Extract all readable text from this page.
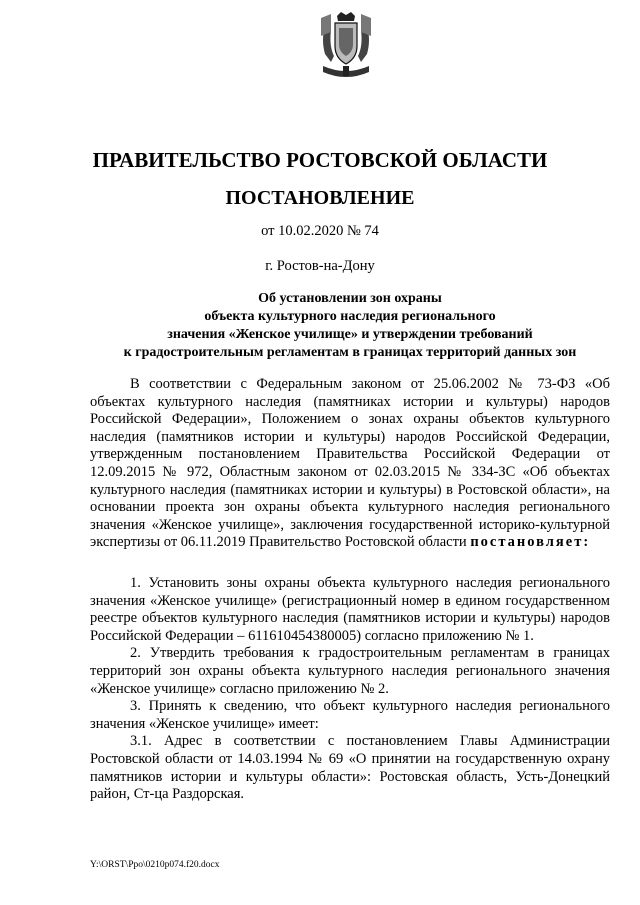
ПРАВИТЕЛЬСТВО РОСТОВСКОЙ ОБЛАСТИ
ПОСТАНОВЛЕНИЕ
от 10.02.2020 № 74
г. Ростов-на-Дону
Об установлении зон охраны
объекта культурного наследия регионального
значения «Женское училище» и утверждении требований
к градостроительным регламентам в границах территорий данных зон

В соответствии с Федеральным законом от 25.06.2002 № 73-ФЗ «Об объектах культурного наследия (памятниках истории и культуры) народов Российской Федерации», Положением о зонах охраны объектов культурного наследия (памятников истории и культуры) народов Российской Федерации, утвержденным постановлением Правительства Российской Федерации от 12.09.2015 № 972, Областным законом от 02.03.2015 № 334-ЗС «Об объектах культурного наследия (памятниках истории и культуры) в Ростовской области», на основании проекта зон охраны объекта культурного наследия регионального значения «Женское училище», заключения государственной историко-культурной экспертизы от 06.11.2019 Правительство Ростовской области постановляет:

1. Установить зоны охраны объекта культурного наследия регионального значения «Женское училище» (регистрационный номер в едином государственном реестре объектов культурного наследия (памятников истории и культуры) народов Российской Федерации – 611610454380005) согласно приложению № 1.

2. Утвердить требования к градостроительным регламентам в границах территорий зон охраны объекта культурного наследия регионального значения «Женское училище» согласно приложению № 2.

3. Принять к сведению, что объект культурного наследия регионального значения «Женское училище» имеет:

3.1. Адрес в соответствии с постановлением Главы Администрации Ростовской области от 14.03.1994 № 69 «О принятии на государственную охрану памятников истории и культуры области»: Ростовская область, Усть-Донецкий район, Ст-ца Раздорская.

Y:\ORST\Ppo\0210p074.f20.docx
